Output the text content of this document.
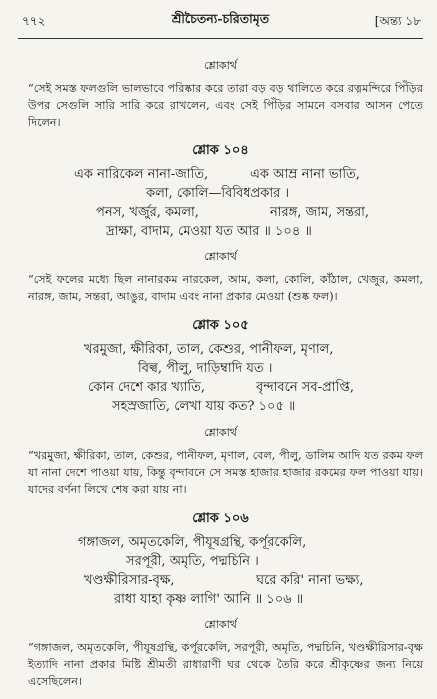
৭৭২	শ্রীচৈতন্য-চরিতামৃত	[অন্ত্য ১৮

শ্লোকার্থ

“সেই সমস্ত ফলগুলি ভালভাবে পরিষ্কার করে তারা বড় বড় থালিতে করে রত্নমন্দিরে পিঁড়ির উপর সেগুলি সারি সারি করে রাখলেন, এবং সেই পিঁড়ির সামনে বসবার আসন পেতে দিলেন।

শ্লোক ১০৪

এক নারিকেল নানা-জাতি,	এক আম্র নানা ভাতি,
কলা, কোলি—বিবিধপ্রকার ।
পনস, খর্জুর, কমলা,	নারঙ্গ, জাম, সন্তরা,
দ্রাক্ষা, বাদাম, মেওয়া যত আর ॥ ১০৪ ॥

শ্লোকার্থ

“সেই ফলের মধ্যে ছিল নানারকম নারকেল, আম, কলা, কোলি, কাঁঠাল, খেজুর, কমলা, নারঙ্গ, জাম, সন্তরা, আঙুর, বাদাম এবং নানা প্রকার মেওয়া (শুষ্ক ফল)।

শ্লোক ১০৫

খরমুজা, ক্ষীরিকা, তাল, কেশুর, পানীফল, মৃণাল,
বিল্ব, পীলু, দাড়িম্বাদি যত ।
কোন দেশে কার খ্যাতি,	বৃন্দাবনে সব-প্রাপ্তি,
সহস্রজাতি, লেখা যায় কত? ১০৫ ॥

শ্লোকার্থ

“খরমুজা, ক্ষীরিকা, তাল, কেশুর, পানীফল, মৃণাল, বেল, পীলু, ডালিম আদি যত রকম ফল যা নানা দেশে পাওয়া যায়, কিন্তু বৃন্দাবনে সে সমস্ত হাজার হাজার রকমের ফল পাওয়া যায়। যাদের বর্ণনা লিখে শেষ করা যায় না।

শ্লোক ১০৬

গঙ্গাজল, অমৃতকেলি, পীযূষগ্রন্থি, কর্পূরকেলি,
সরপূরী, অমৃতি, পদ্মচিনি ।
খণ্ডক্ষীরিসার-বৃক্ষ,	ঘরে করি' নানা ভক্ষ্য,
রাধা যাহা কৃষ্ণ লাগি' আনি ॥ ১০৬ ॥

শ্লোকার্থ

“গঙ্গাজল, অমৃতকেলি, পীযূষগ্রন্থি, কর্পূরকেলি, সরপূরী, অমৃতি, পদ্মচিনি, খণ্ডক্ষীরিসার-বৃক্ষ ইত্যাদি নানা প্রকার মিষ্টি শ্রীমতী রাধারাণী ঘর থেকে তৈরি করে শ্রীকৃষ্ণের জন্য নিয়ে এসেছিলেন।
